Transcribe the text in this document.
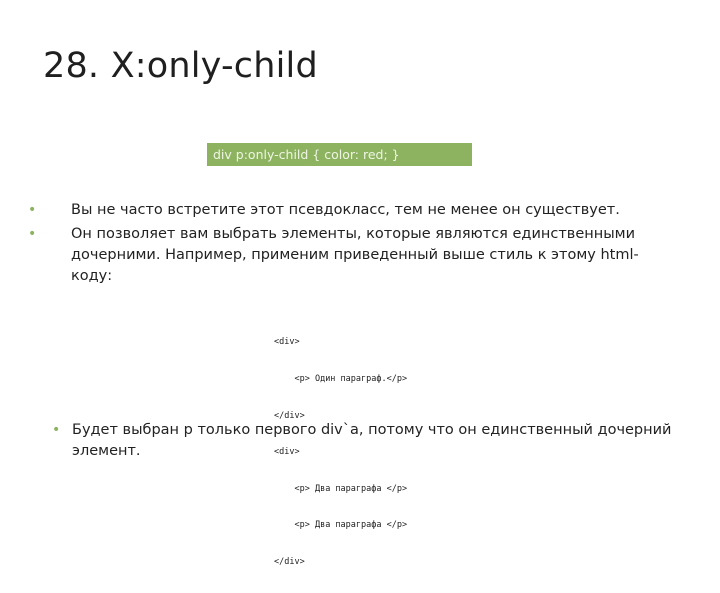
28. X:only-child
div p:only-child { color: red; }
• Вы не часто встретите этот псевдокласс, тем не менее он существует.
• Он позволяет вам выбрать элементы, которые являются единственными дочерними. Например, применим приведенный выше стиль к этому html-коду:

<div>

<p> Один параграф.</p>

</div>

<div>

<p> Два параграфа </p>

<p> Два параграфа </p>

</div>

• Будет выбран p только первого div`a, потому что он единственный дочерний элемент.
